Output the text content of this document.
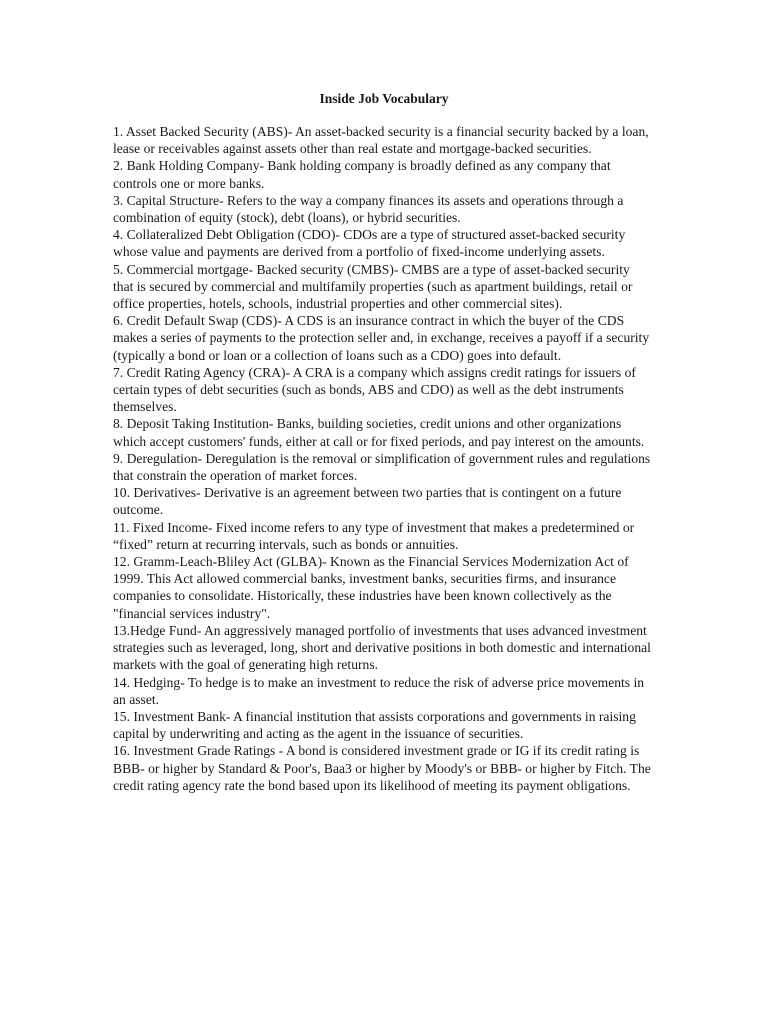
Inside Job Vocabulary

1. Asset Backed Security (ABS)- An asset-backed security is a financial security backed by a loan, lease or receivables against assets other than real estate and mortgage-backed securities.

2. Bank Holding Company- Bank holding company is broadly defined as any company that controls one or more banks.

3. Capital Structure- Refers to the way a company finances its assets and operations through a combination of equity (stock), debt (loans), or hybrid securities.

4. Collateralized Debt Obligation (CDO)- CDOs are a type of structured asset-backed security whose value and payments are derived from a portfolio of fixed-income underlying assets.

5. Commercial mortgage- Backed security (CMBS)- CMBS are a type of asset-backed security that is secured by commercial and multifamily properties (such as apartment buildings, retail or office properties, hotels, schools, industrial properties and other commercial sites).

6. Credit Default Swap (CDS)- A CDS is an insurance contract in which the buyer of the CDS makes a series of payments to the protection seller and, in exchange, receives a payoff if a security (typically a bond or loan or a collection of loans such as a CDO) goes into default.

7. Credit Rating Agency (CRA)- A CRA is a company which assigns credit ratings for issuers of certain types of debt securities (such as bonds, ABS and CDO) as well as the debt instruments themselves.

8. Deposit Taking Institution- Banks, building societies, credit unions and other organizations which accept customers' funds, either at call or for fixed periods, and pay interest on the amounts.

9. Deregulation- Deregulation is the removal or simplification of government rules and regulations that constrain the operation of market forces.

10. Derivatives- Derivative is an agreement between two parties that is contingent on a future outcome.

11. Fixed Income- Fixed income refers to any type of investment that makes a predetermined or “fixed” return at recurring intervals, such as bonds or annuities.

12. Gramm-Leach-Bliley Act (GLBA)- Known as the Financial Services Modernization Act of 1999. This Act allowed commercial banks, investment banks, securities firms, and insurance companies to consolidate. Historically, these industries have been known collectively as the "financial services industry".

13.Hedge Fund- An aggressively managed portfolio of investments that uses advanced investment strategies such as leveraged, long, short and derivative positions in both domestic and international markets with the goal of generating high returns.

14. Hedging- To hedge is to make an investment to reduce the risk of adverse price movements in an asset.

15. Investment Bank- A financial institution that assists corporations and governments in raising capital by underwriting and acting as the agent in the issuance of securities.

16. Investment Grade Ratings - A bond is considered investment grade or IG if its credit rating is BBB- or higher by Standard & Poor's, Baa3 or higher by Moody's or BBB- or higher by Fitch. The credit rating agency rate the bond based upon its likelihood of meeting its payment obligations.
